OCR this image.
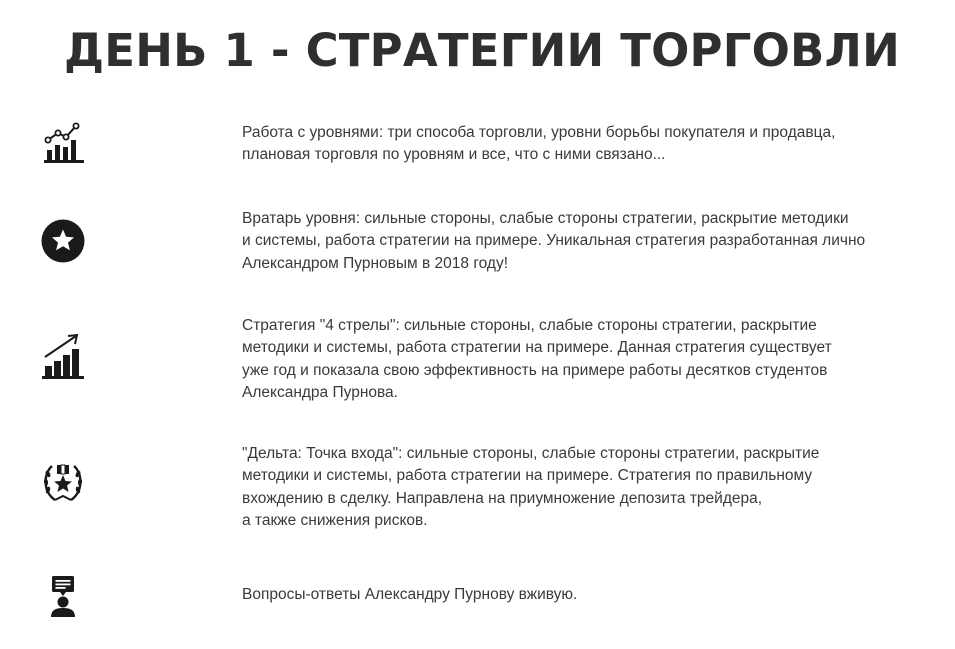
ДЕНЬ 1 - СТРАТЕГИИ ТОРГОВЛИ

Работа с уровнями: три способа торговли, уровни борьбы покупателя и продавца,
плановая торговля по уровням и все, что с ними связано...

Вратарь уровня: сильные стороны, слабые стороны стратегии, раскрытие методики
и системы, работа стратегии на примере. Уникальная стратегия разработанная лично
Александром Пурновым в 2018 году!

Стратегия "4 стрелы": сильные стороны, слабые стороны стратегии, раскрытие
методики и системы, работа стратегии на примере. Данная стратегия существует
уже год и показала свою эффективность на примере работы десятков студентов
Александра Пурнова.

"Дельта: Точка входа": сильные стороны, слабые стороны стратегии, раскрытие
методики и системы, работа стратегии на примере. Стратегия по правильному
вхождению в сделку. Направлена на приумножение депозита трейдера,
а также снижения рисков.

Вопросы-ответы Александру Пурнову вживую.
